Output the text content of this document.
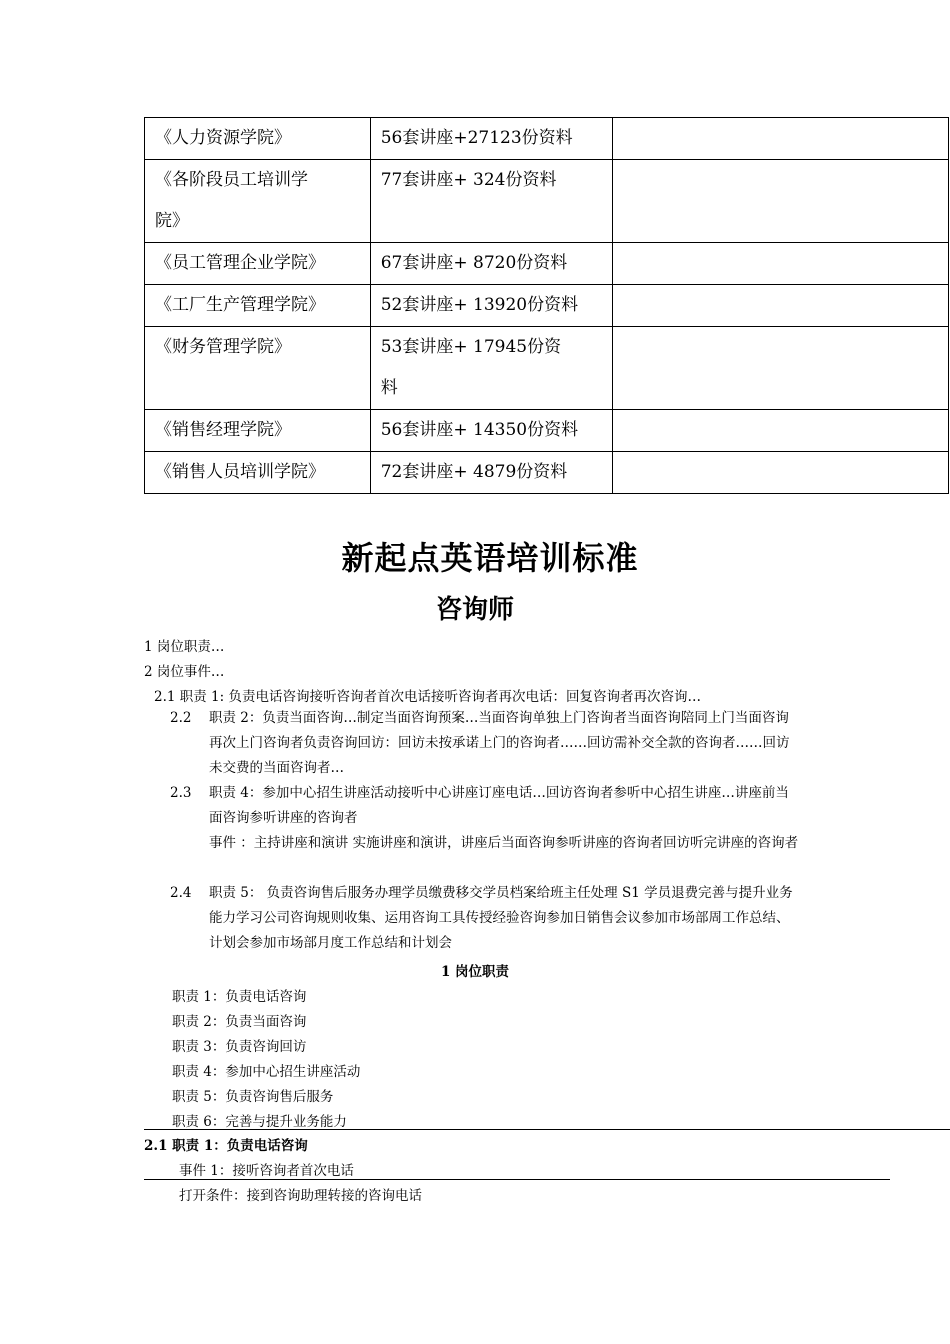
《人力资源学院》	56套讲座+27123份资料	

《各阶段员工培训学
院》	77套讲座+ 324份资料	

《员工管理企业学院》	67套讲座+ 8720份资料	

《工厂生产管理学院》	52套讲座+ 13920份资料	

《财务管理学院》	53套讲座+ 17945份资
料	

《销售经理学院》	56套讲座+ 14350份资料	

《销售人员培训学院》	72套讲座+ 4879份资料	

新起点英语培训标准
咨询师
1 岗位职责…
2 岗位事件…
2.1 职责 1: 负责电话咨询接听咨询者首次电话接听咨询者再次电话：回复咨询者再次咨询…
2.2 职责 2：负责当面咨询…制定当面咨询预案…当面咨询单独上门咨询者当面咨询陪同上门当面咨询再次上门咨询者负责咨询回访：回访未按承诺上门的咨询者……回访需补交全款的咨询者……回访未交费的当面咨询者…
2.3 职责 4：参加中心招生讲座活动接听中心讲座订座电话…回访咨询者参听中心招生讲座…讲座前当面咨询参听讲座的咨询者
事件 ：主持讲座和演讲 实施讲座和演讲，讲座后当面咨询参听讲座的咨询者回访听完讲座的咨询者
2.4 职责 5： 负责咨询售后服务办理学员缴费移交学员档案给班主任处理 S1 学员退费完善与提升业务能力学习公司咨询规则收集、运用咨询工具传授经验咨询参加日销售会议参加市场部周工作总结、计划会参加市场部月度工作总结和计划会
1 岗位职责
职责 1：负责电话咨询
职责 2：负责当面咨询
职责 3：负责咨询回访
职责 4：参加中心招生讲座活动
职责 5：负责咨询售后服务
职责 6：完善与提升业务能力
2.1 职责 1：负责电话咨询
事件 1：接听咨询者首次电话
打开条件：接到咨询助理转接的咨询电话
